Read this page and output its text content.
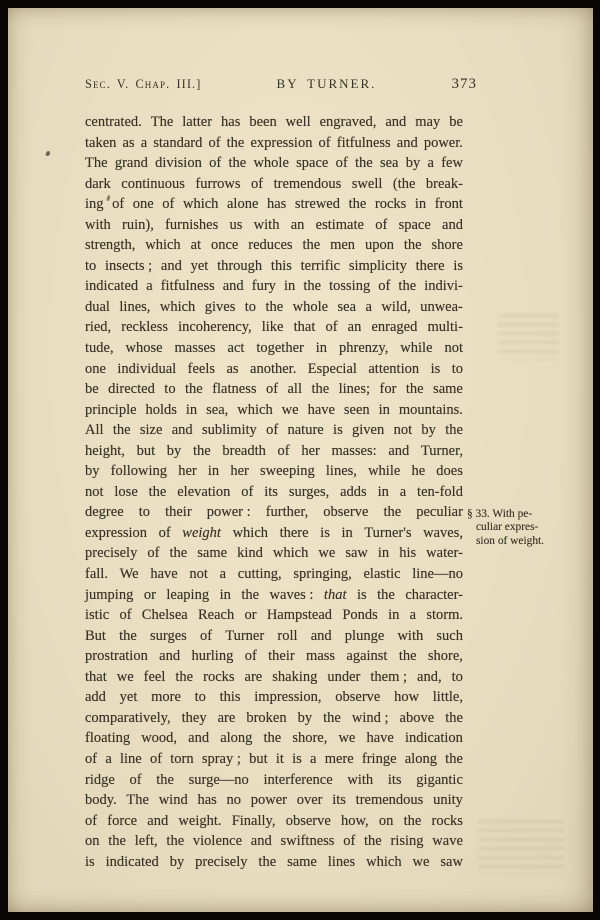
Sec. V. Chap. III.]	BY TURNER.	373
centrated. The latter has been well engraved, and may be
taken as a standard of the expression of fitfulness and power.
The grand division of the whole space of the sea by a few
dark continuous furrows of tremendous swell (the break-
ing of one of which alone has strewed the rocks in front
with ruin), furnishes us with an estimate of space and
strength, which at once reduces the men upon the shore
to insects ; and yet through this terrific simplicity there is
indicated a fitfulness and fury in the tossing of the indivi-
dual lines, which gives to the whole sea a wild, unwea-
ried, reckless incoherency, like that of an enraged multi-
tude, whose masses act together in phrenzy, while not
one individual feels as another. Especial attention is to
be directed to the flatness of all the lines; for the same
principle holds in sea, which we have seen in mountains.
All the size and sublimity of nature is given not by the
height, but by the breadth of her masses: and Turner,
by following her in her sweeping lines, while he does
not lose the elevation of its surges, adds in a ten-fold
degree to their power : further, observe the peculiar
expression of weight which there is in Turner's waves,
precisely of the same kind which we saw in his water-
fall. We have not a cutting, springing, elastic line—no
jumping or leaping in the waves : that is the character-
istic of Chelsea Reach or Hampstead Ponds in a storm.
But the surges of Turner roll and plunge with such
prostration and hurling of their mass against the shore,
that we feel the rocks are shaking under them ; and, to
add yet more to this impression, observe how little,
comparatively, they are broken by the wind ; above the
floating wood, and along the shore, we have indication
of a line of torn spray ; but it is a mere fringe along the
ridge of the surge—no interference with its gigantic
body. The wind has no power over its tremendous unity
of force and weight. Finally, observe how, on the rocks
on the left, the violence and swiftness of the rising wave
is indicated by precisely the same lines which we saw
§ 33. With pe-
culiar expres-
sion of weight.
